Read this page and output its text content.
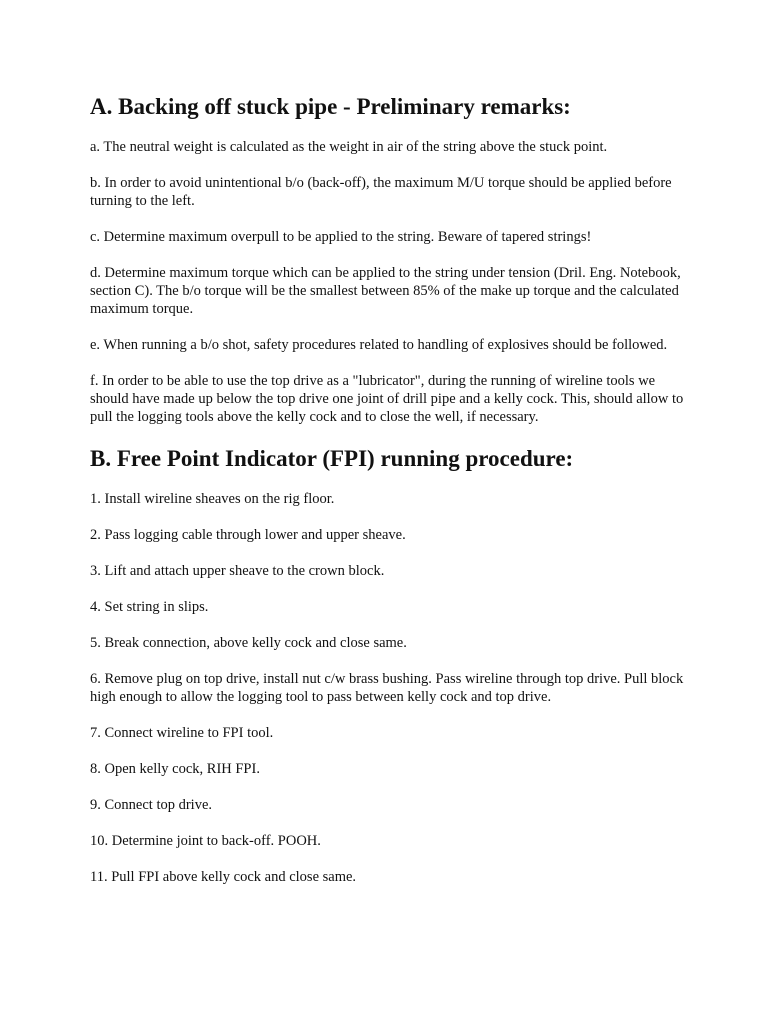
A. Backing off stuck pipe - Preliminary remarks:

a. The neutral weight is calculated as the weight in air of the string above the stuck point.

b. In order to avoid unintentional b/o (back-off), the maximum M/U torque should be applied before turning to the left.

c. Determine maximum overpull to be applied to the string. Beware of tapered strings!

d. Determine maximum torque which can be applied to the string under tension (Dril. Eng. Notebook, section C). The b/o torque will be the smallest between 85% of the make up torque and the calculated maximum torque.

e. When running a b/o shot, safety procedures related to handling of explosives should be followed.

f. In order to be able to use the top drive as a "lubricator", during the running of wireline tools we should have made up below the top drive one joint of drill pipe and a kelly cock. This, should allow to pull the logging tools above the kelly cock and to close the well, if necessary.

B. Free Point Indicator (FPI) running procedure:

1. Install wireline sheaves on the rig floor.

2. Pass logging cable through lower and upper sheave.

3. Lift and attach upper sheave to the crown block.

4. Set string in slips.

5. Break connection, above kelly cock and close same.

6. Remove plug on top drive, install nut c/w brass bushing. Pass wireline through top drive. Pull block high enough to allow the logging tool to pass between kelly cock and top drive.

7. Connect wireline to FPI tool.

8. Open kelly cock, RIH FPI.

9. Connect top drive.

10. Determine joint to back-off. POOH.

11. Pull FPI above kelly cock and close same.
